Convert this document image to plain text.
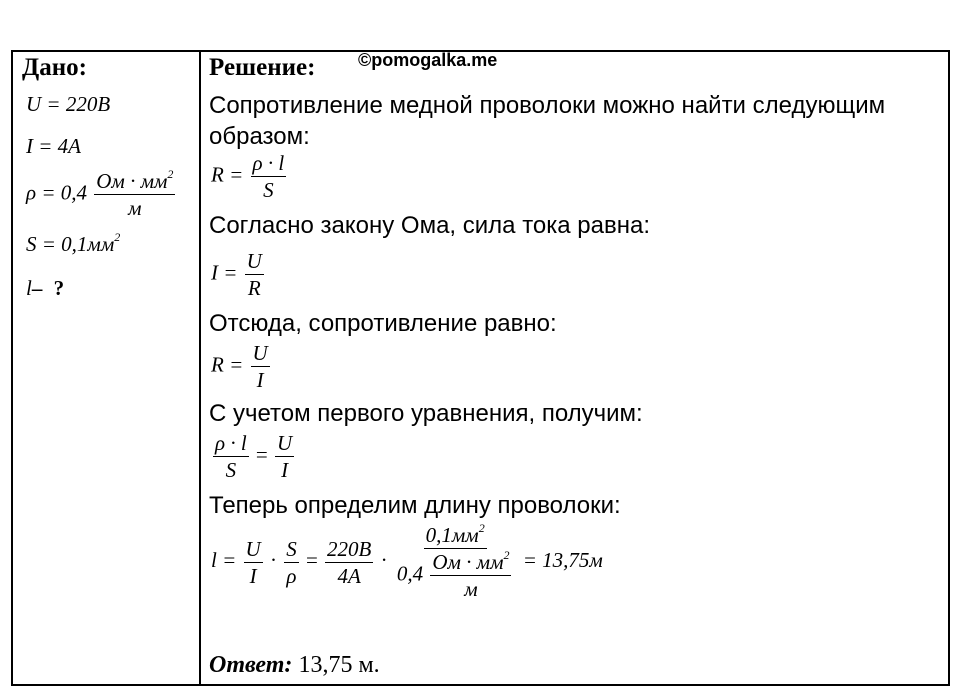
Дано:
U = 220B
I = 4A
$\rho = 0,4 \frac{Ом \cdot мм^2}{м}$
$S = 0,1мм^2$
l– ?
Решение: ©pomogalka.me
Сопротивление медной проволоки можно найти следующим
образом:
$R = \frac{\rho \cdot l}{S}$
Согласно закону Ома, сила тока равна:
$I = \frac{U}{R}$
Отсюда, сопротивление равно:
$R = \frac{U}{I}$
С учетом первого уравнения, получим:
$\frac{\rho \cdot l}{S} = \frac{U}{I}$
Теперь определим длину проволоки:
$l = \frac{U}{I} \cdot \frac{S}{\rho} = \frac{220B}{4A} \cdot \frac{0,1мм^2}{0,4 \frac{Ом \cdot мм^2}{м}} = 13,75м$
Ответ: 13,75 м.
